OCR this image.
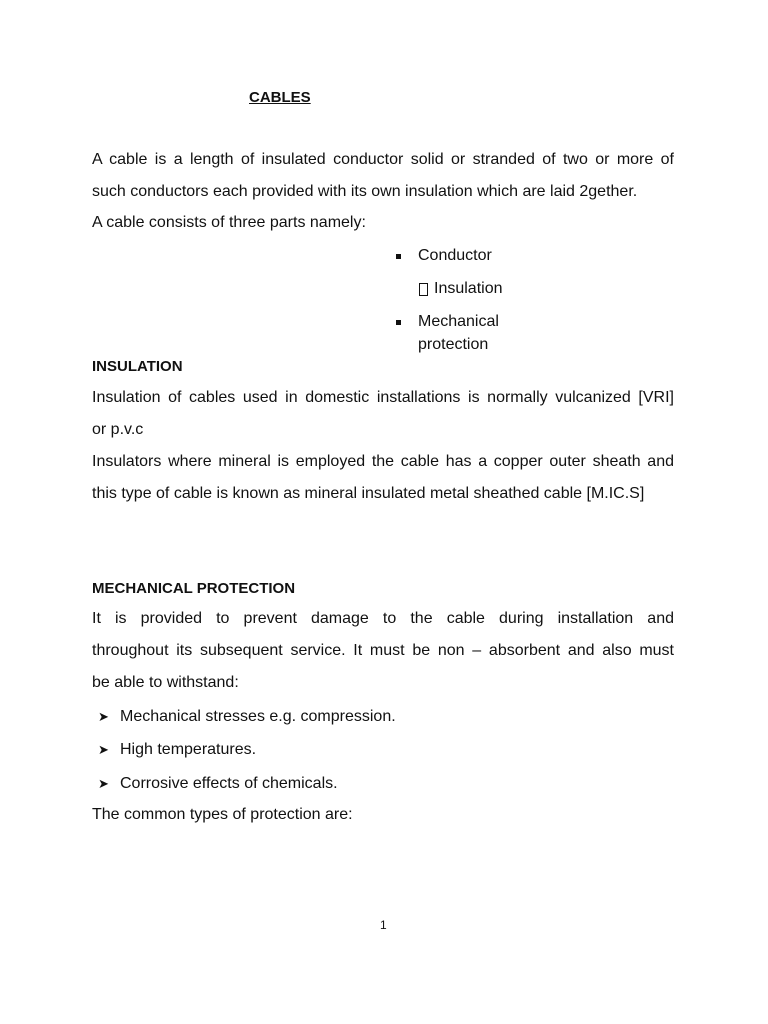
CABLES
A cable is a length of insulated conductor solid or stranded of two or more of
such conductors each provided with its own insulation which are laid 2gether.
A cable consists of three parts namely:
Conductor
Insulation
Mechanical
protection
INSULATION
Insulation of cables used in domestic installations is normally vulcanized [VRI]
or p.v.c
Insulators where mineral is employed the cable has a copper outer sheath and
this type of cable is known as mineral insulated metal sheathed cable [M.IC.S]
MECHANICAL PROTECTION
It is provided to prevent damage to the cable during installation and
throughout its subsequent service. It must be non – absorbent and also must
be able to withstand:
➤ Mechanical stresses e.g. compression.
➤ High temperatures.
➤ Corrosive effects of chemicals.
The common types of protection are:
1
